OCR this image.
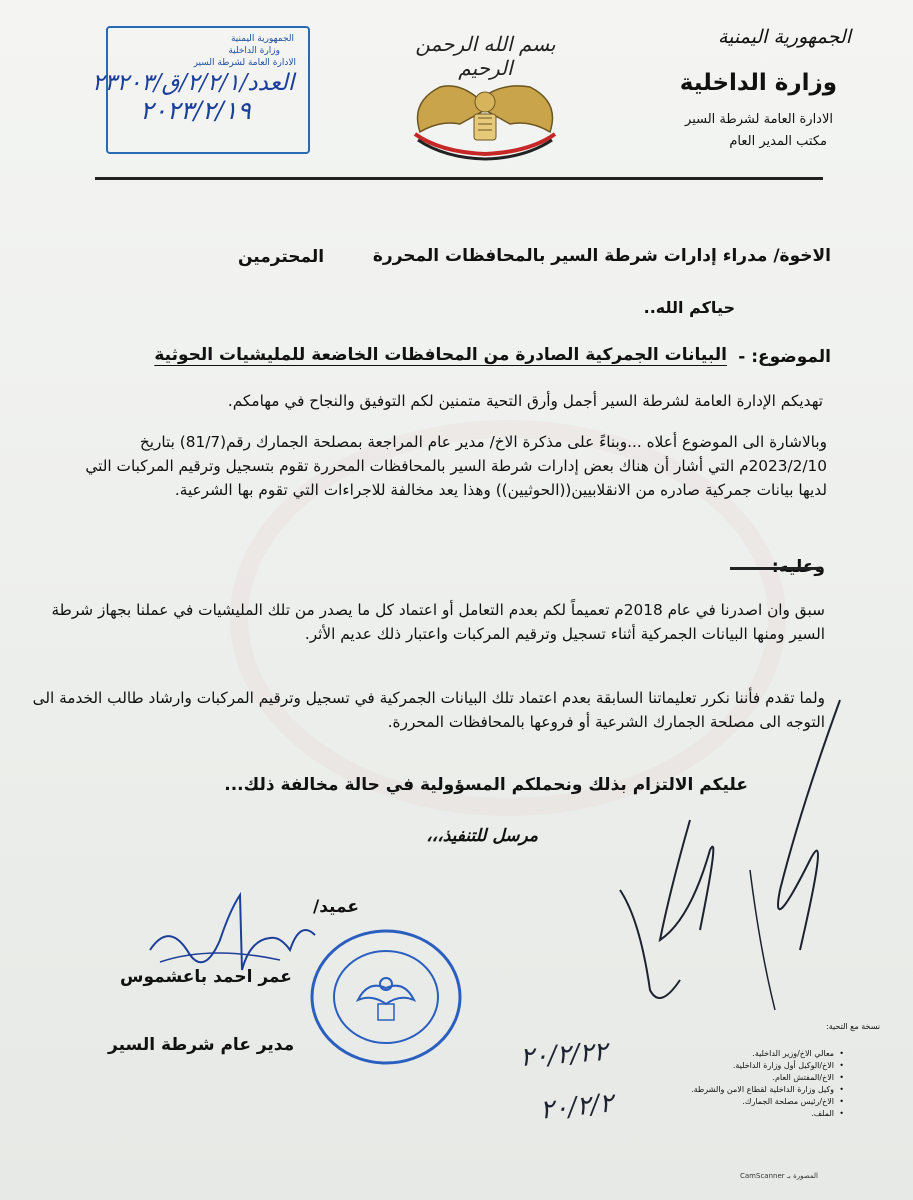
الجمهورية اليمنية
وزارة الداخلية
الادارة العامة لشرطة السير
مكتب المدير العام
بسم الله الرحمن الرحيم
الجمهورية اليمنية
وزارة الداخلية
الادارة العامة لشرطة السير
العدد/٢/٢/١/ق/٢٣٢٠٣
٢٠٢٣/٢/١٩
الاخوة/ مدراء إدارات شرطة السير بالمحافظات المحررة
المحترمين
حياكم الله..
الموضوع: -
البيانات الجمركية الصادرة من المحافظات الخاضعة للمليشيات الحوثية
تهديكم الإدارة العامة لشرطة السير أجمل وأرق التحية متمنين لكم التوفيق والنجاح في مهامكم.
وبالاشارة الى الموضوع أعلاه ...وبناءً على مذكرة الاخ/ مدير عام المراجعة بمصلحة الجمارك رقم(81/7) بتاريخ 2023/2/10م التي أشار أن هناك بعض إدارات شرطة السير بالمحافظات المحررة تقوم بتسجيل وترقيم المركبات التي لديها بيانات جمركية صادره من الانقلابيين((الحوثيين)) وهذا يعد مخالفة للاجراءات التي تقوم بها الشرعية.
وعليه:
سبق وان اصدرنا في عام 2018م تعميماً لكم بعدم التعامل أو اعتماد كل ما يصدر من تلك المليشيات في عملنا بجهاز شرطة السير ومنها البيانات الجمركية أثناء تسجيل وترقيم المركبات واعتبار ذلك عديم الأثر.
ولما تقدم فأننا نكرر تعليماتنا السابقة بعدم اعتماد تلك البيانات الجمركية في تسجيل وترقيم المركبات وارشاد طالب الخدمة الى التوجه الى مصلحة الجمارك الشرعية أو فروعها بالمحافظات المحررة.
عليكم الالتزام بذلك ونحملكم المسؤولية في حالة مخالفة ذلك...
مرسل للتنفيذ،،،
عميد/
عمر احمد باعشموس
مدير عام شرطة السير	٢٠/٢/٢٢
٢٠/٢/٢
نسخة مع التحية:
• معالي الاخ/وزير الداخلية.
• الاخ/الوكيل أول وزارة الداخلية.
• الاخ/المفتش العام.
• وكيل وزارة الداخلية لقطاع الامن والشرطة.
• الاخ/رئيس مصلحة الجمارك.
• الملف.
CamScanner المصورة بـ
